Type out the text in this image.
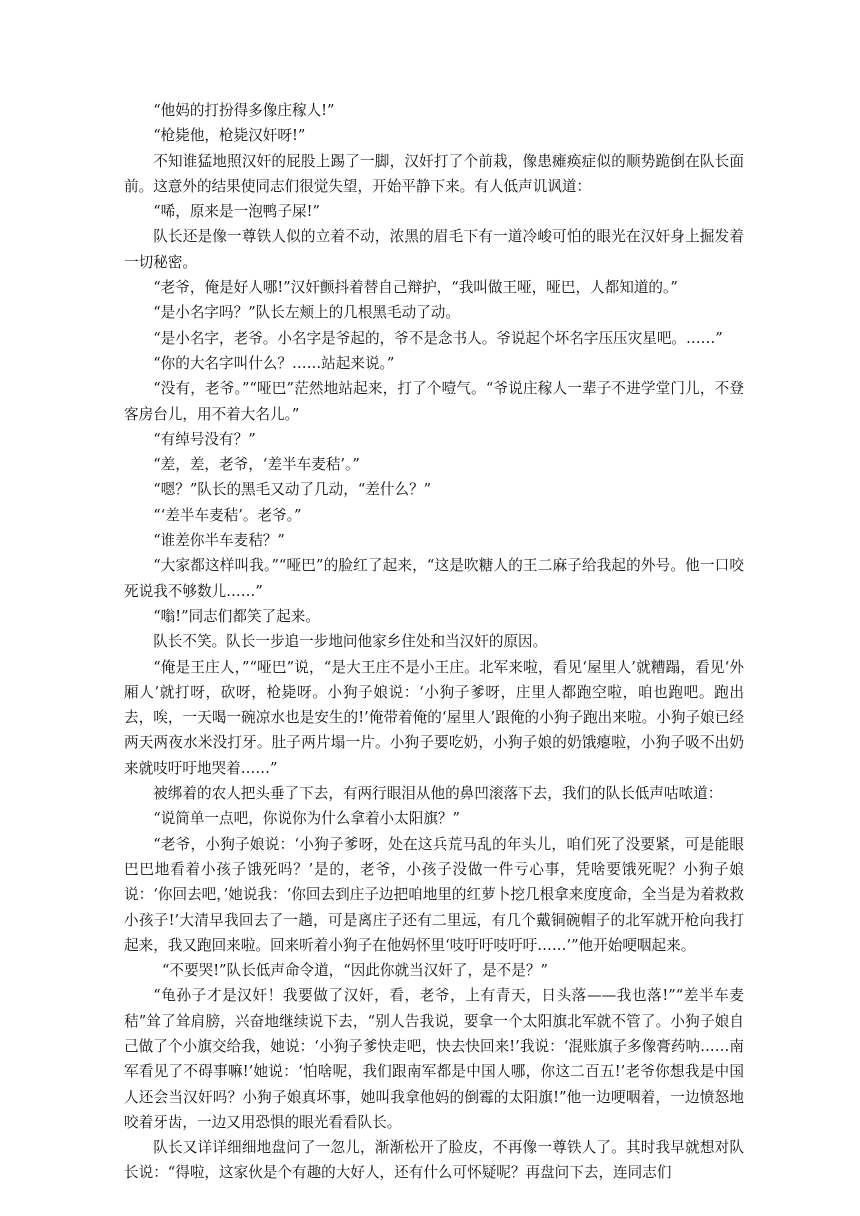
“他妈的打扮得多像庄稼人!”

“枪毙他，枪毙汉奸呀!”

不知谁猛地照汉奸的屁股上踢了一脚，汉奸打了个前栽，像患瘫痪症似的顺势跪倒在队长面前。这意外的结果使同志们很觉失望，开始平静下来。有人低声讥讽道：

“唏，原来是一泡鸭子屎!”

队长还是像一尊铁人似的立着不动，浓黑的眉毛下有一道冷峻可怕的眼光在汉奸身上掘发着一切秘密。

“老爷，俺是好人哪!”汉奸颤抖着替自己辩护，“我叫做王哑，哑巴，人都知道的。”

“是小名字吗？”队长左颊上的几根黑毛动了动。

“是小名字，老爷。小名字是爷起的，爷不是念书人。爷说起个坏名字压压灾星吧。……”

“你的大名字叫什么？……站起来说。”

“没有，老爷。”“哑巴”茫然地站起来，打了个噎气。“爷说庄稼人一辈子不进学堂门儿，不登客房台儿，用不着大名儿。”

“有绰号没有？”

“差，差，老爷，‘差半车麦秸’。”

“嗯？”队长的黑毛又动了几动，“差什么？”

“‘差半车麦秸’。老爷。”

“谁差你半车麦秸？”

“大家都这样叫我。”“哑巴”的脸红了起来，“这是吹糖人的王二麻子给我起的外号。他一口咬死说我不够数儿……”

“嗡!”同志们都笑了起来。

队长不笑。队长一步追一步地问他家乡住处和当汉奸的原因。

“俺是王庄人，”“哑巴”说，“是大王庄不是小王庄。北军来啦，看见‘屋里人’就糟蹋，看见‘外厢人’就打呀，砍呀，枪毙呀。小狗子娘说：‘小狗子爹呀，庄里人都跑空啦，咱也跑吧。跑出去，唉，一天喝一碗凉水也是安生的!’俺带着俺的‘屋里人’跟俺的小狗子跑出来啦。小狗子娘已经两天两夜水米没打牙。肚子两片塌一片。小狗子要吃奶，小狗子娘的奶饿瘪啦，小狗子吸不出奶来就吱吁吁地哭着……”

被绑着的农人把头垂了下去，有两行眼泪从他的鼻凹滚落下去，我们的队长低声咕哝道：

“说简单一点吧，你说你为什么拿着小太阳旗？”

“老爷，小狗子娘说：‘小狗子爹呀，处在这兵荒马乱的年头儿，咱们死了没要紧，可是能眼巴巴地看着小孩子饿死吗？’是的，老爷，小孩子没做一件亏心事，凭啥要饿死呢？小狗子娘说：‘你回去吧，’她说我：‘你回去到庄子边把咱地里的红萝卜挖几根拿来度度命，全当是为着救救小孩子!’大清早我回去了一趟，可是离庄子还有二里远，有几个戴铜碗帽子的北军就开枪向我打起来，我又跑回来啦。回来听着小狗子在他妈怀里‘吱吁吁吱吁吁……’”他开始哽咽起来。

“不要哭!”队长低声命令道，“因此你就当汉奸了，是不是？”

“龟孙子才是汉奸！我要做了汉奸，看，老爷，上有青天，日头落——我也落!”“差半车麦秸”耸了耸肩膀，兴奋地继续说下去，“别人告我说，要拿一个太阳旗北军就不管了。小狗子娘自己做了个小旗交给我，她说：‘小狗子爹快走吧，快去快回来!’我说：‘混账旗子多像膏药呐……南军看见了不碍事嘛!’她说：‘怕啥呢，我们跟南军都是中国人哪，你这二百五!’老爷你想我是中国人还会当汉奸吗？小狗子娘真坏事，她叫我拿他妈的倒霉的太阳旗!”他一边哽咽着，一边愤怒地咬着牙齿，一边又用恐惧的眼光看看队长。

队长又详详细细地盘问了一忽儿，渐渐松开了脸皮，不再像一尊铁人了。其时我早就想对队长说：“得啦，这家伙是个有趣的大好人，还有什么可怀疑呢？再盘问下去，连同志们
